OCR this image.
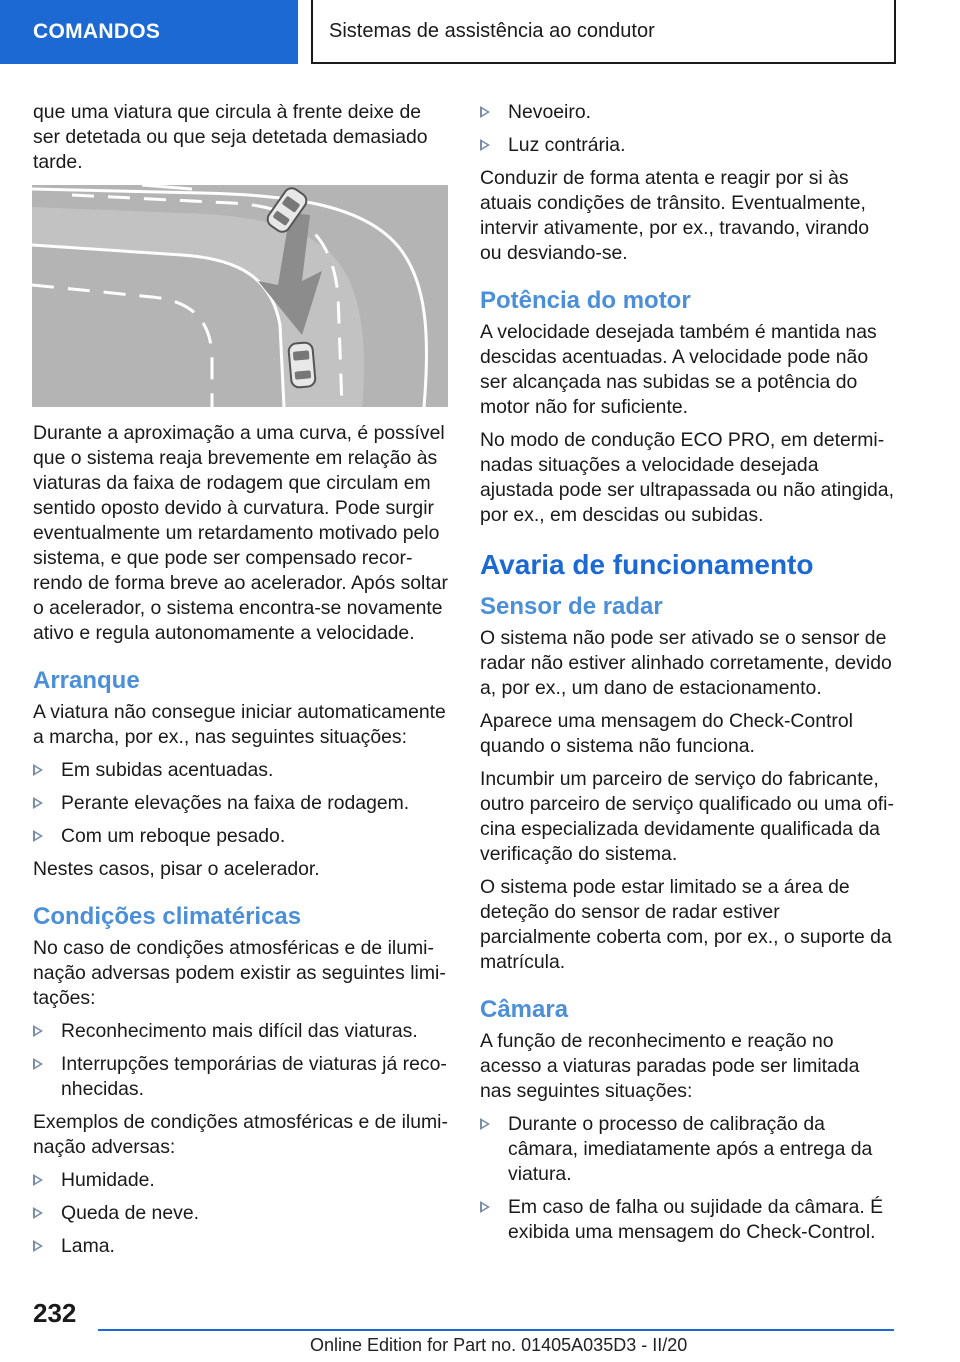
COMANDOS	Sistemas de assistência ao condutor

que uma viatura que circula à frente deixe de ser detetada ou que seja detetada demasiado tarde.

Durante a aproximação a uma curva, é possível que o sistema reaja brevemente em relação às viaturas da faixa de rodagem que circulam em sentido oposto devido à curvatura. Pode surgir eventualmente um retardamento motivado pelo sistema, e que pode ser compensado recorrendo de forma breve ao acelerador. Após soltar o acelerador, o sistema encontra-se novamente ativo e regula autonomamente a velocidade.

Arranque

A viatura não consegue iniciar automaticamente a marcha, por ex., nas seguintes situações:

Em subidas acentuadas.
Perante elevações na faixa de rodagem.
Com um reboque pesado.

Nestes casos, pisar o acelerador.

Condições climatéricas

No caso de condições atmosféricas e de iluminação adversas podem existir as seguintes limitações:

Reconhecimento mais difícil das viaturas.
Interrupções temporárias de viaturas já reconhecidas.

Exemplos de condições atmosféricas e de iluminação adversas:

Humidade.
Queda de neve.
Lama.
Nevoeiro.
Luz contrária.

Conduzir de forma atenta e reagir por si às atuais condições de trânsito. Eventualmente, intervir ativamente, por ex., travando, virando ou desviando-se.

Potência do motor

A velocidade desejada também é mantida nas descidas acentuadas. A velocidade pode não ser alcançada nas subidas se a potência do motor não for suficiente.

No modo de condução ECO PRO, em determinadas situações a velocidade desejada ajustada pode ser ultrapassada ou não atingida, por ex., em descidas ou subidas.

Avaria de funcionamento
Sensor de radar

O sistema não pode ser ativado se o sensor de radar não estiver alinhado corretamente, devido a, por ex., um dano de estacionamento.

Aparece uma mensagem do Check-Control quando o sistema não funciona.

Incumbir um parceiro de serviço do fabricante, outro parceiro de serviço qualificado ou uma oficina especializada devidamente qualificada da verificação do sistema.

O sistema pode estar limitado se a área de deteção do sensor de radar estiver parcialmente coberta com, por ex., o suporte da matrícula.

Câmara

A função de reconhecimento e reação no acesso a viaturas paradas pode ser limitada nas seguintes situações:

Durante o processo de calibração da câmara, imediatamente após a entrega da viatura.
Em caso de falha ou sujidade da câmara. É exibida uma mensagem do Check-Control.
232
Online Edition for Part no. 01405A035D3 - II/20
